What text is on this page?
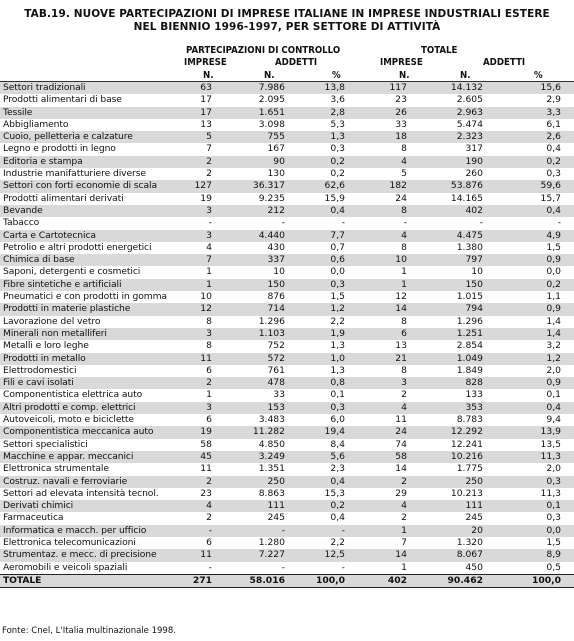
TAB.19. NUOVE PARTECIPAZIONI DI IMPRESE ITALIANE IN IMPRESE INDUSTRIALI ESTERE
NEL BIENNIO 1996-1997, PER SETTORE DI ATTIVITÀ
PARTECIPAZIONI DI CONTROLLO	TOTALE
IMPRESE	ADDETTI	IMPRESE	ADDETTI
N.	N.	%	N.	N.	%
Settori tradizionali	63	7.986	13,8	117	14.132	15,6	
Prodotti alimentari di base	17	2.095	3,6	23	2.605	2,9	
Tessile	17	1.651	2,8	26	2.963	3,3	
Abbigliamento	13	3.098	5,3	33	5.474	6,1	
Cuoio, pelletteria e calzature	5	755	1,3	18	2.323	2,6	
Legno e prodotti in legno	7	167	0,3	8	317	0,4	
Editoria e stampa	2	90	0,2	4	190	0,2	
Industrie manifatturiere diverse	2	130	0,2	5	260	0,3	
Settori con forti economie di scala	127	36.317	62,6	182	53.876	59,6	
Prodotti alimentari derivati	19	9.235	15,9	24	14.165	15,7	
Bevande	3	212	0,4	8	402	0,4	
Tabacco	-	-	-	-	-	-	
Carta e Cartotecnica	3	4.440	7,7	4	4.475	4,9	
Petrolio e altri prodotti energetici	4	430	0,7	8	1.380	1,5	
Chimica di base	7	337	0,6	10	797	0,9	
Saponi, detergenti e cosmetici	1	10	0,0	1	10	0,0	
Fibre sintetiche e artificiali	1	150	0,3	1	150	0,2	
Pneumatici e con prodotti in gomma	10	876	1,5	12	1.015	1,1	
Prodotti in materie plastiche	12	714	1,2	14	794	0,9	
Lavorazione del vetro	8	1.296	2,2	8	1.296	1,4	
Minerali non metalliferi	3	1.103	1,9	6	1.251	1,4	
Metalli e loro leghe	8	752	1,3	13	2.854	3,2	
Prodotti in metallo	11	572	1,0	21	1.049	1,2	
Elettrodomestici	6	761	1,3	8	1.849	2,0	
Fili e cavi isolati	2	478	0,8	3	828	0,9	
Componentistica elettrica auto	1	33	0,1	2	133	0,1	
Altri prodotti e comp. elettrici	3	153	0,3	4	353	0,4	
Autoveicoli, moto e biciclette	6	3.483	6,0	11	8.783	9,4	
Componentistica meccanica auto	19	11.282	19,4	24	12.292	13,9	
Settori specialistici	58	4.850	8,4	74	12.241	13,5	
Macchine e appar. meccanici	45	3.249	5,6	58	10.216	11,3	
Elettronica strumentale	11	1.351	2,3	14	1.775	2,0	
Costruz. navali e ferroviarie	2	250	0,4	2	250	0,3	
Settori ad elevata intensità tecnol.	23	8.863	15,3	29	10.213	11,3	
Derivati chimici	4	111	0,2	4	111	0,1	
Farmaceutica	2	245	0,4	2	245	0,3	
Informatica e macch. per ufficio	-	-	-	1	20	0,0	
Elettronica telecomunicazioni	6	1.280	2,2	7	1.320	1,5	
Strumentaz. e mecc. di precisione	11	7.227	12,5	14	8.067	8,9	
Aeromobili e veicoli spaziali	-	-	-	1	450	0,5	
TOTALE	271	58.016	100,0	402	90.462	100,0	
Fonte: Cnel, L'Italia multinazionale 1998.
